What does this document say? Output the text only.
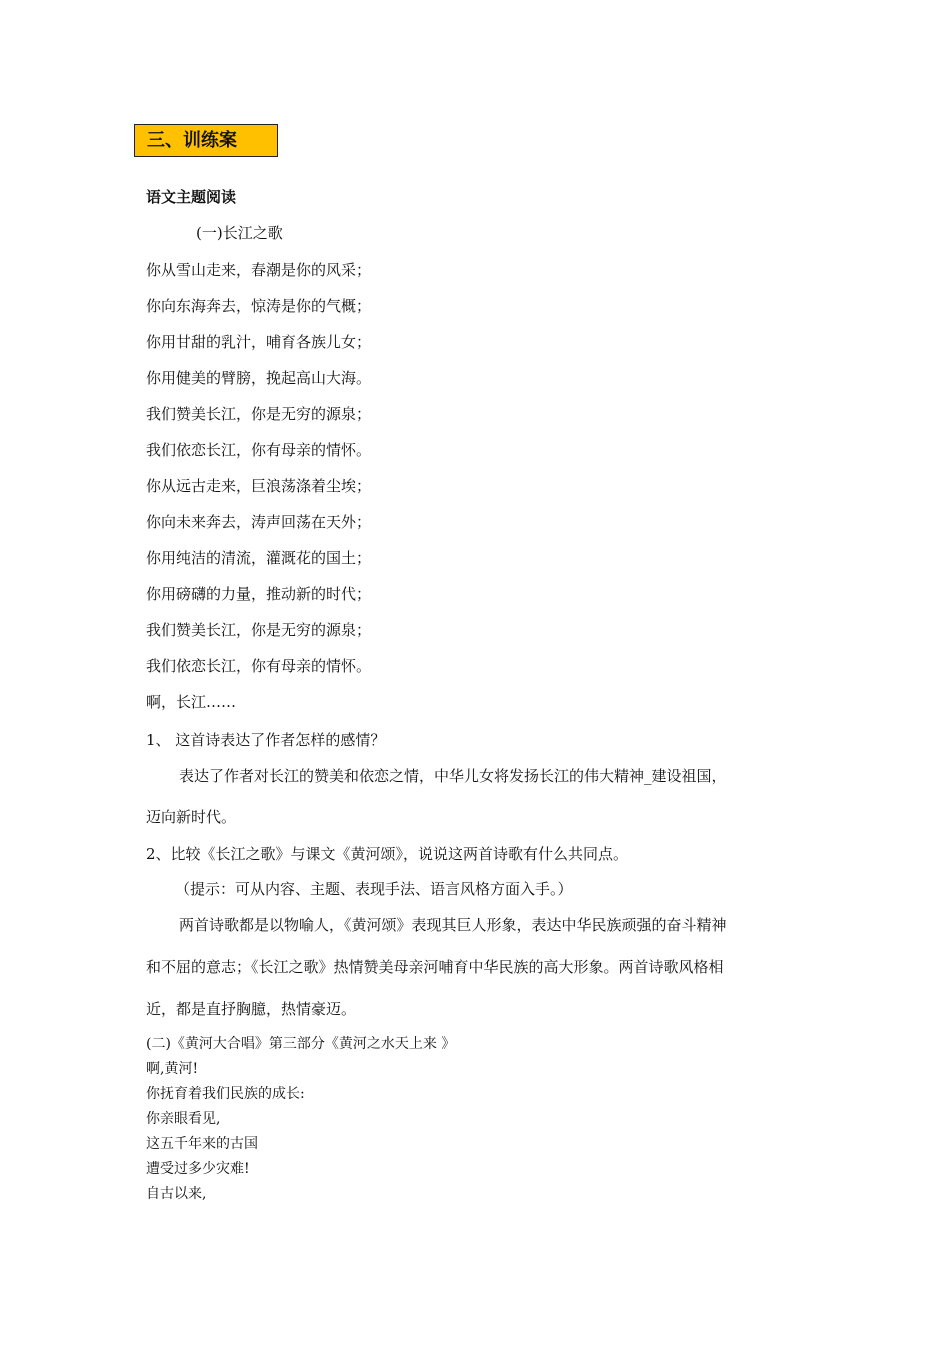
三、训练案
语文主题阅读
(一)长江之歌
你从雪山走来，春潮是你的风采；
你向东海奔去，惊涛是你的气概；
你用甘甜的乳汁，哺育各族儿女；
你用健美的臂膀，挽起高山大海。
我们赞美长江，你是无穷的源泉；
我们依恋长江，你有母亲的情怀。
你从远古走来，巨浪荡涤着尘埃；
你向未来奔去，涛声回荡在天外；
你用纯洁的清流，灌溉花的国土；
你用磅礴的力量，推动新的时代；
我们赞美长江，你是无穷的源泉；
我们依恋长江，你有母亲的情怀。
啊，长江……
1、 这首诗表达了作者怎样的感情？
表达了作者对长江的赞美和依恋之情，中华儿女将发扬长江的伟大精神_建设祖国，
迈向新时代。
2、比较《长江之歌》与课文《黄河颂》，说说这两首诗歌有什么共同点。
（提示：可从内容、主题、表现手法、语言风格方面入手。）
两首诗歌都是以物喻人，《黄河颂》表现其巨人形象，表达中华民族顽强的奋斗精神
和不屈的意志；《长江之歌》热情赞美母亲河哺育中华民族的高大形象。两首诗歌风格相
近，都是直抒胸臆，热情豪迈。
(二)《黄河大合唱》第三部分《黄河之水天上来 》
啊,黄河!
你抚育着我们民族的成长:
你亲眼看见,
这五千年来的古国
遭受过多少灾难!
自古以来,
